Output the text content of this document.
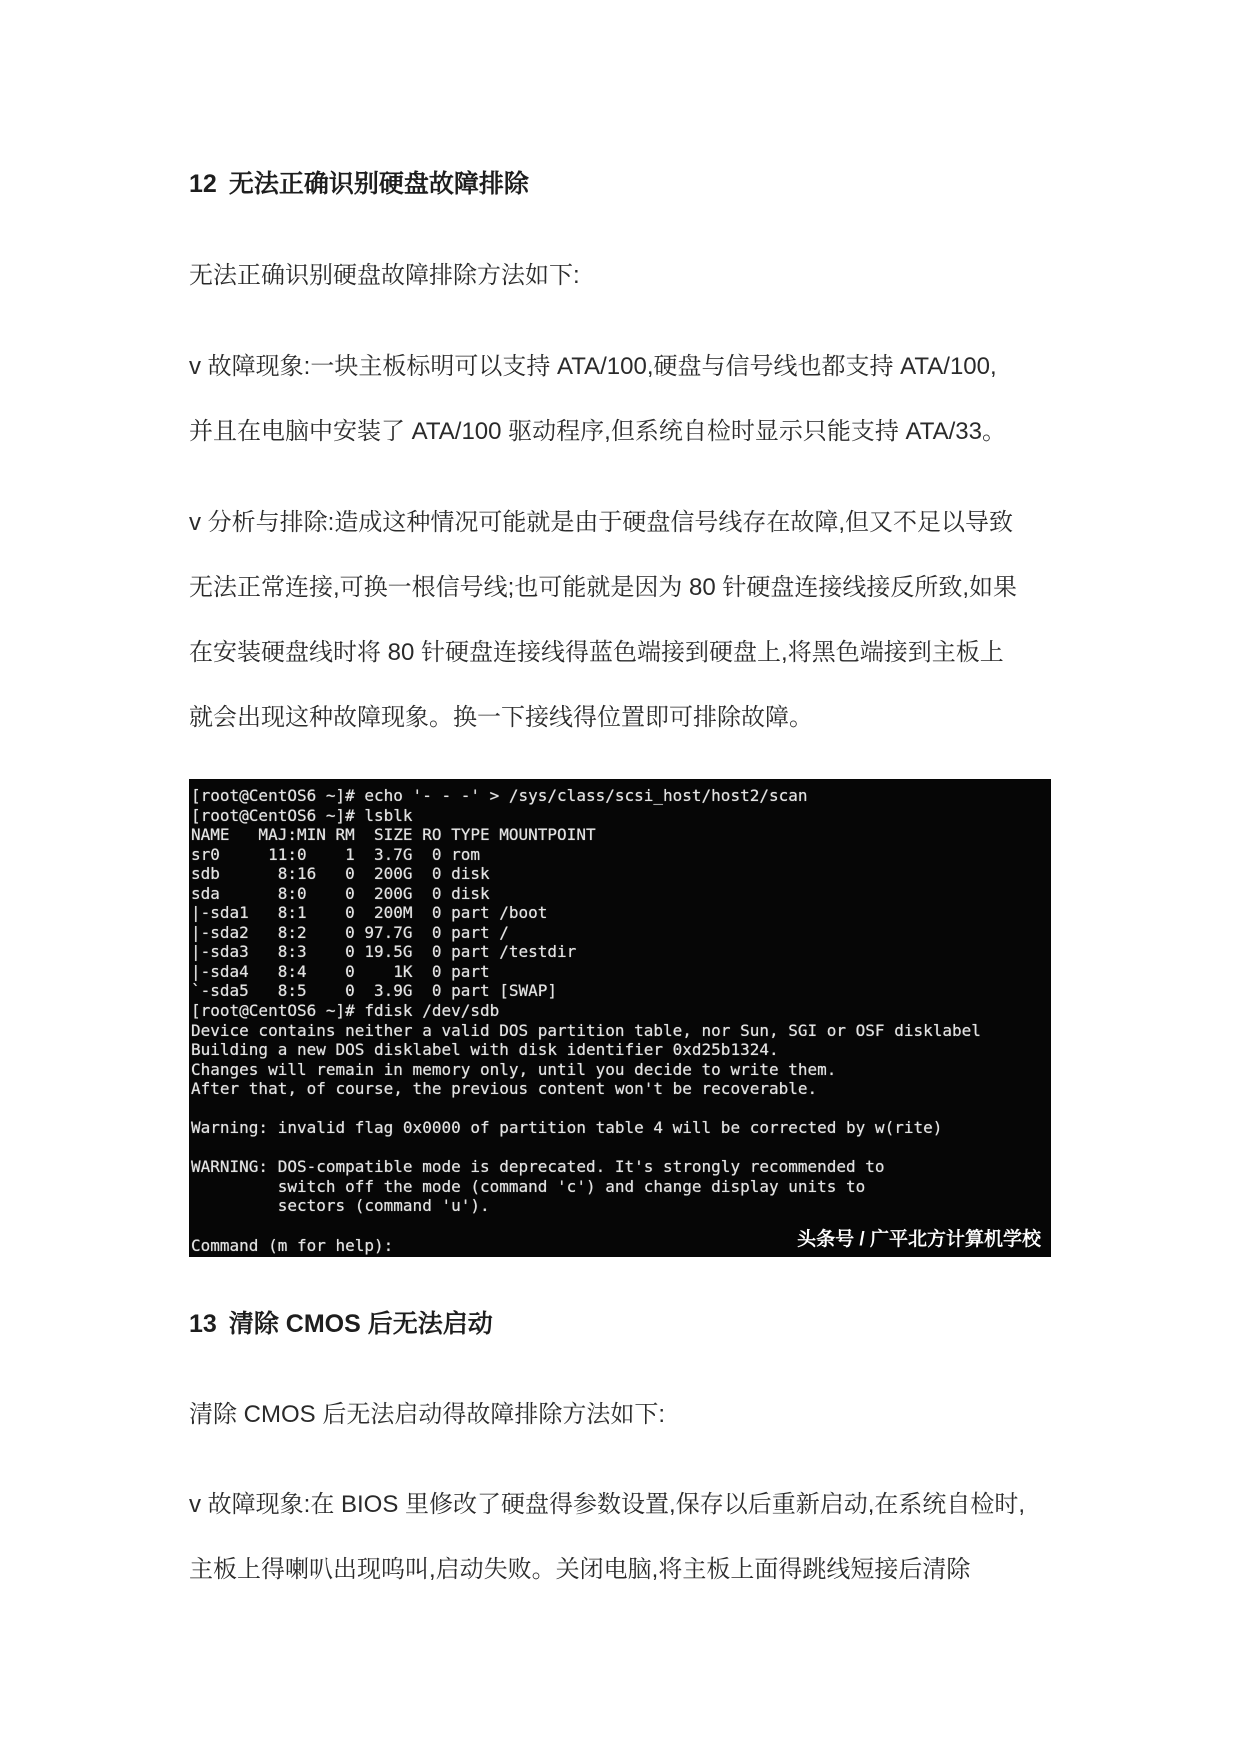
12 无法正确识别硬盘故障排除
无法正确识别硬盘故障排除方法如下:
v 故障现象:一块主板标明可以支持 ATA/100,硬盘与信号线也都支持 ATA/100,
并且在电脑中安装了 ATA/100 驱动程序,但系统自检时显示只能支持 ATA/33。
v 分析与排除:造成这种情况可能就是由于硬盘信号线存在故障,但又不足以导致
无法正常连接,可换一根信号线;也可能就是因为 80 针硬盘连接线接反所致,如果
在安装硬盘线时将 80 针硬盘连接线得蓝色端接到硬盘上,将黑色端接到主板上
就会出现这种故障现象。换一下接线得位置即可排除故障。
[root@CentOS6 ~]# echo '- - -' > /sys/class/scsi_host/host2/scan
[root@CentOS6 ~]# lsblk
NAME   MAJ:MIN RM  SIZE RO TYPE MOUNTPOINT
sr0     11:0    1  3.7G  0 rom
sdb      8:16   0  200G  0 disk
sda      8:0    0  200G  0 disk
|-sda1   8:1    0  200M  0 part /boot
|-sda2   8:2    0 97.7G  0 part /
|-sda3   8:3    0 19.5G  0 part /testdir
|-sda4   8:4    0    1K  0 part
`-sda5   8:5    0  3.9G  0 part [SWAP]
[root@CentOS6 ~]# fdisk /dev/sdb
Device contains neither a valid DOS partition table, nor Sun, SGI or OSF disklabel
Building a new DOS disklabel with disk identifier 0xd25b1324.
Changes will remain in memory only, until you decide to write them.
After that, of course, the previous content won't be recoverable.
Warning: invalid flag 0x0000 of partition table 4 will be corrected by w(rite)
WARNING: DOS-compatible mode is deprecated. It's strongly recommended to
switch off the mode (command 'c') and change display units to
sectors (command 'u').
Command (m for help):	头条号 / 广平北方计算机学校
13 清除 CMOS 后无法启动
清除 CMOS 后无法启动得故障排除方法如下:
v 故障现象:在 BIOS 里修改了硬盘得参数设置,保存以后重新启动,在系统自检时,
主板上得喇叭出现呜叫,启动失败。关闭电脑,将主板上面得跳线短接后清除
